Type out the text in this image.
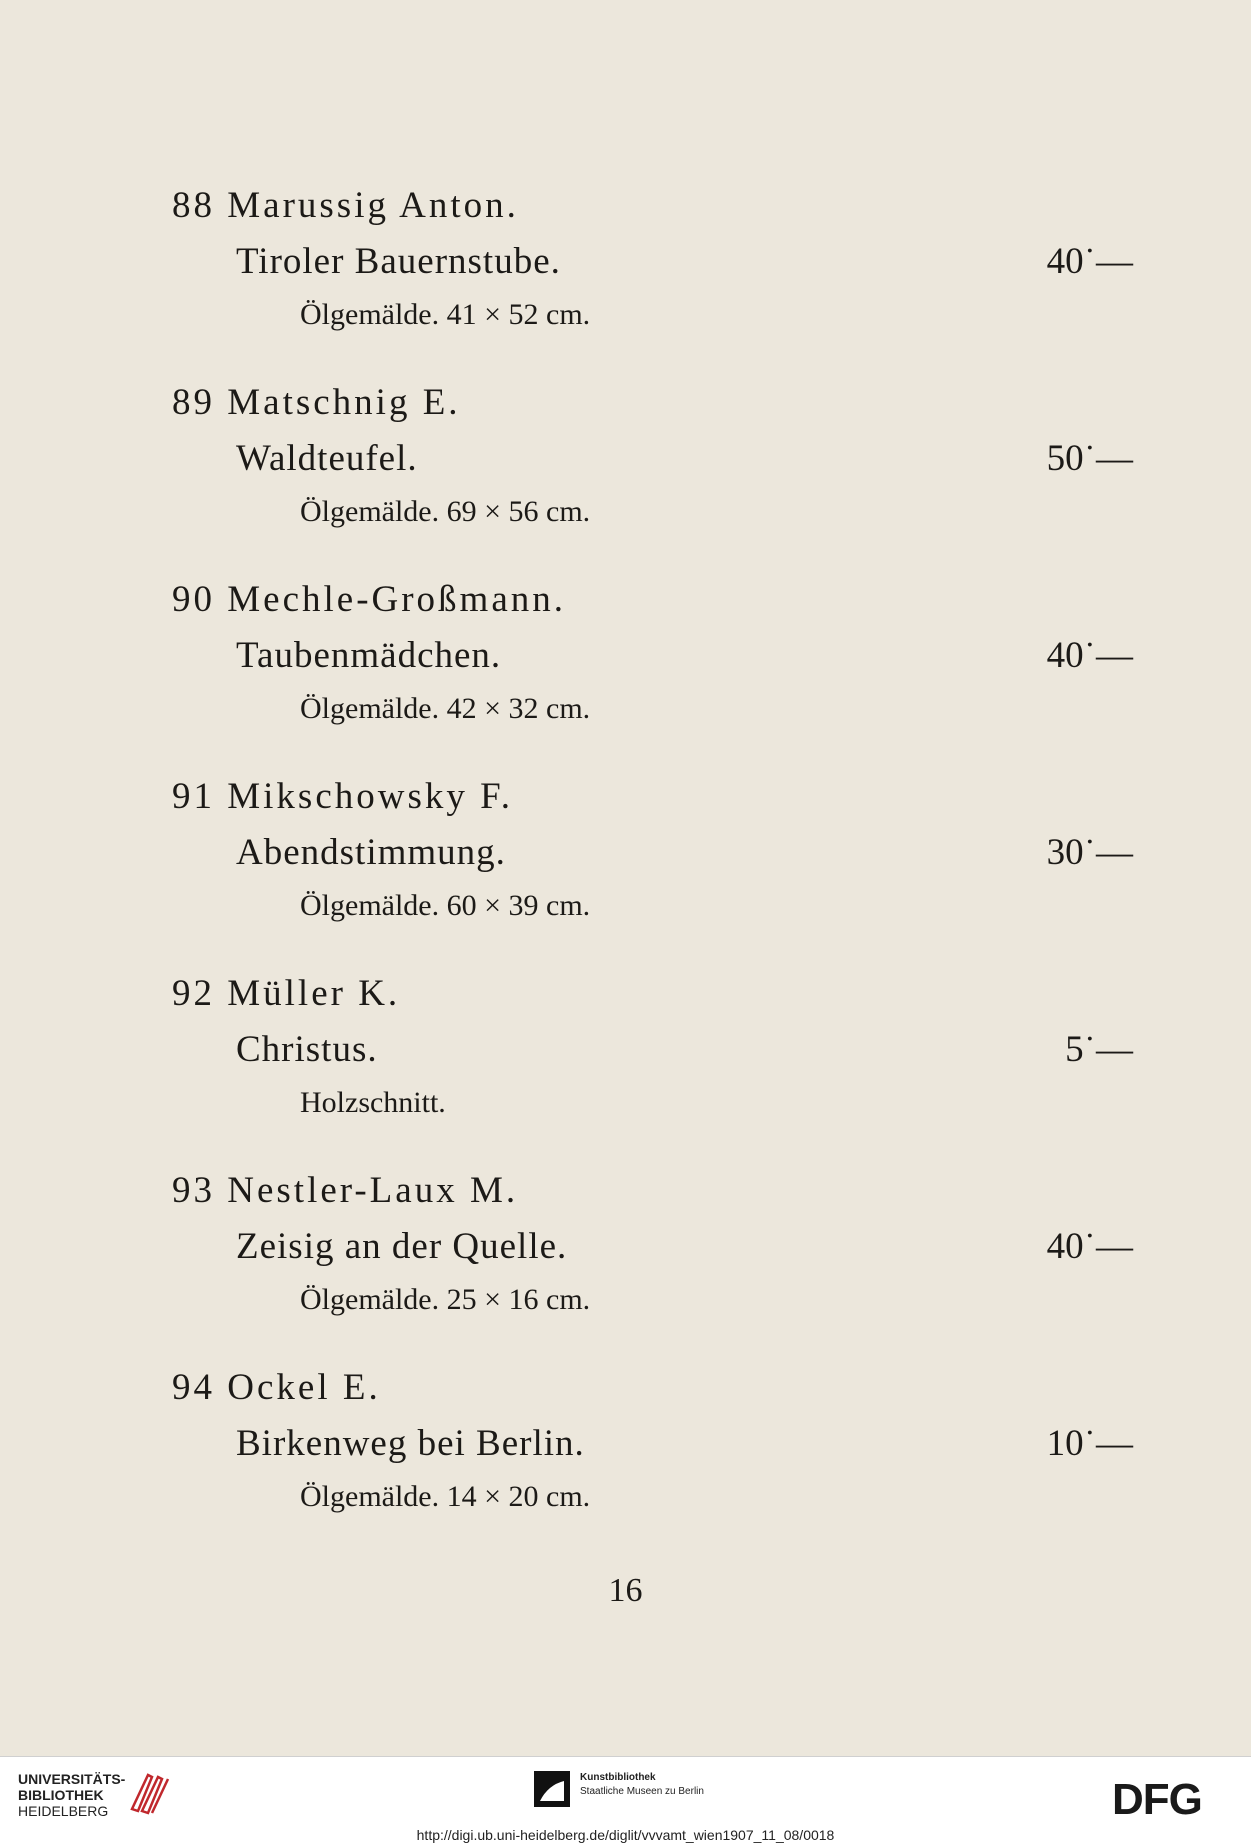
88 Marussig Anton.
Tiroler Bauernstube.
Ölgemälde. 41 × 52 cm.
40˙—
89 Matschnig E.
Waldteufel.
Ölgemälde. 69 × 56 cm.
50˙—
90 Mechle-Großmann.
Taubenmädchen.
Ölgemälde. 42 × 32 cm.
40˙—
91 Mikschowsky F.
Abendstimmung.
Ölgemälde. 60 × 39 cm.
30˙—
92 Müller K.
Christus.
Holzschnitt.
5˙—
93 Nestler-Laux M.
Zeisig an der Quelle.
Ölgemälde. 25 × 16 cm.
40˙—
94 Ockel E.
Birkenweg bei Berlin.
Ölgemälde. 14 × 20 cm.
10˙—
16
UNIVERSITÄTS-
BIBLIOTHEK
HEIDELBERG
Kunstbibliothek
Staatliche Museen zu Berlin	DFG
http://digi.ub.uni-heidelberg.de/diglit/vvvamt_wien1907_11_08/0018
